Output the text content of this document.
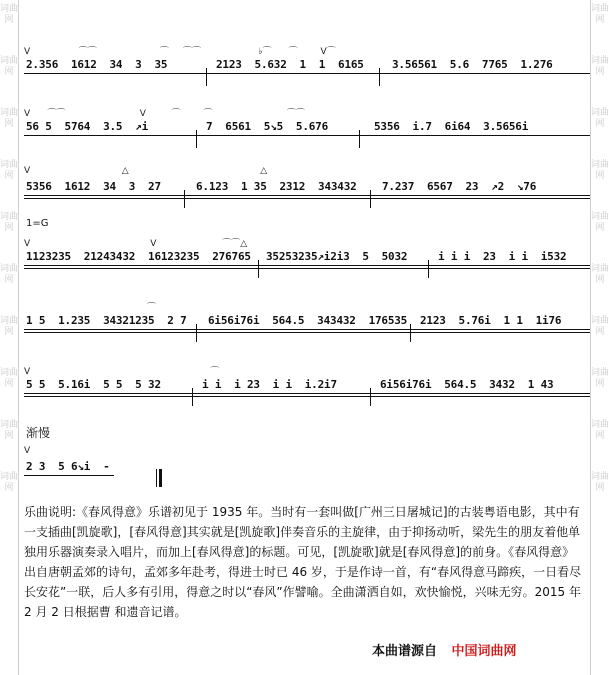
词曲网
词曲网
词曲网
词曲网
词曲网
词曲网
词曲网
词曲网
词曲网
词曲网
词曲网
词曲网
词曲网
词曲网
词曲网
词曲网
词曲网
词曲网
词曲网
词曲网
V                 ⌒⌒                      ⌒     ⌒⌒                    ♭⌒      ⌒        V⌒

2.356  1612  34  3  35

	2123  5.632  1  1  6165

	3.56561  5.6  7765  1.276

V      ⌒⌒                          V         ⌒        ⌒                          ⌒⌒

56 5  5764  3.5  ↗i

	7  6561  5↘5  5.676

	5356  i.7  6i64  3.5656i

V                                △                                              △

5356  1612  34  3  27

	6.123  1 35  2312  343432

7.237  6567  23  ↗2  ↘76

1=G
V                                          V                       ⌒⌒△

1123235  21243432  16123235  276765

35253235↗i2i3  5  5032

	i i i  23  i i  i532

⌒

1 5  1.235  34321235  2 7

6i56i76i  564.5  343432  176535

2123  5.76i  1 1  1i76

V                                                               ⌒

5 5  5.16i  5 5  5 32

	i i  i 23  i i  i.2i7

	6i56i76i  564.5  3432  1 43

渐慢
V

2 3  5 6↘i  -

乐曲说明:《春风得意》乐谱初见于 1935 年。当时有一套叫做[广州三日屠城记]的古装粤语电影，其中有一支插曲[凯旋歌]，[春风得意]其实就是[凯旋歌]伴奏音乐的主旋律，由于抑扬动听，梁先生的朋友着他单独用乐器演奏录入唱片，而加上[春风得意]的标题。可见，[凯旋歌]就是[春风得意]的前身。《春风得意》出自唐朝孟郊的诗句，孟郊多年赴考，得进士时已 46 岁，于是作诗一首，有“春风得意马蹄疾，一日看尽长安花”一联，后人多有引用，得意之时以“春风”作譬喻。全曲潇洒自如，欢快愉悦，兴味无穷。2015 年 2 月 2 日根据曹 和遗音记谱。
本曲谱源自 中国词曲网
